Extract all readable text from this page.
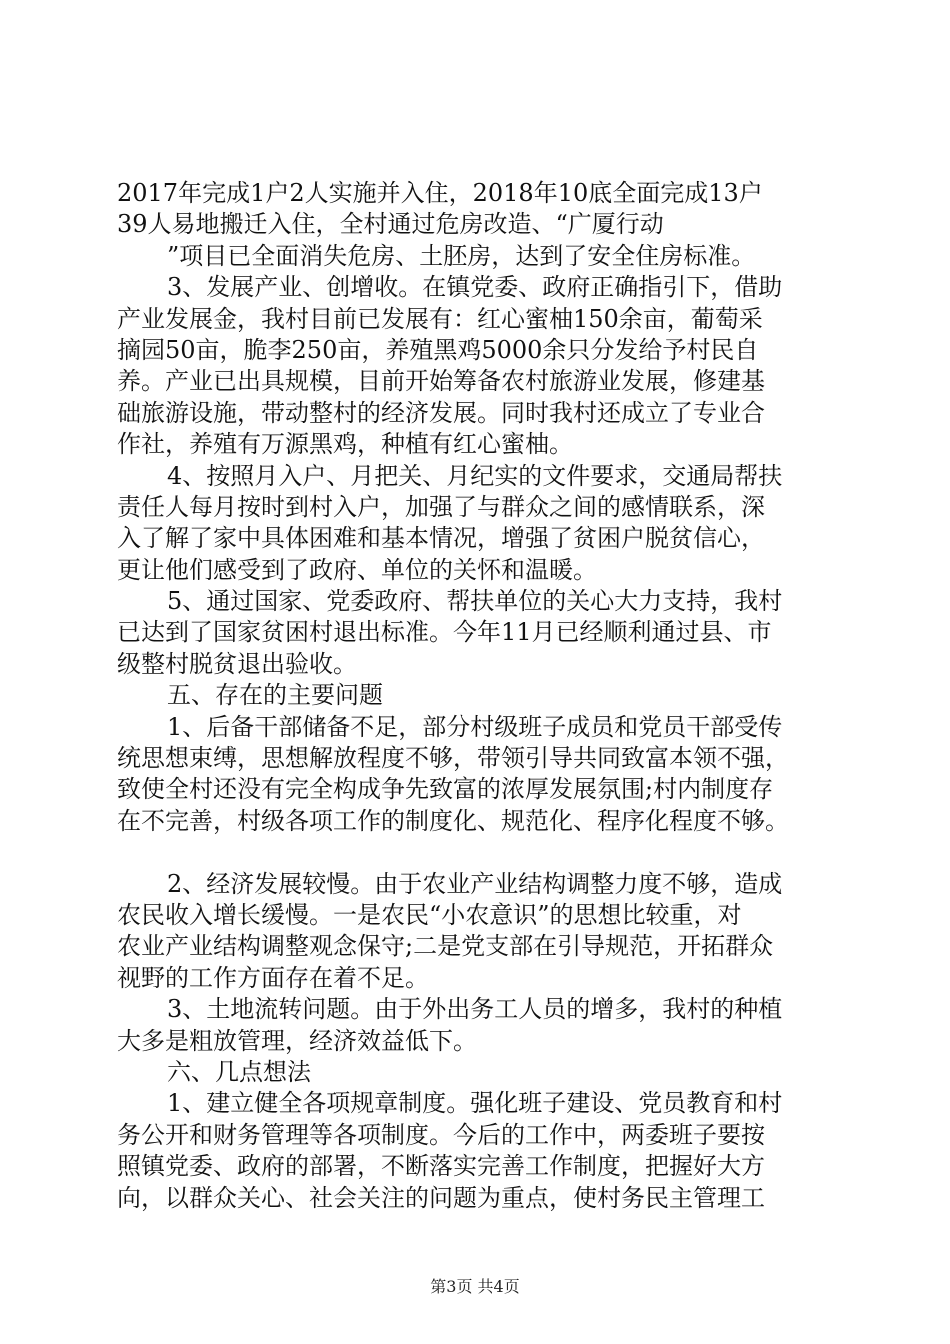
2017年完成1户2人实施并入住，2018年10底全面完成13户
39人易地搬迁入住，全村通过危房改造、“广厦行动
”项目已全面消失危房、土胚房，达到了安全住房标准。
3、发展产业、创增收。在镇党委、政府正确指引下，借助
产业发展金，我村目前已发展有：红心蜜柚150余亩，葡萄采
摘园50亩，脆李250亩，养殖黑鸡5000余只分发给予村民自
养。产业已出具规模，目前开始筹备农村旅游业发展，修建基
础旅游设施，带动整村的经济发展。同时我村还成立了专业合
作社，养殖有万源黑鸡，种植有红心蜜柚。
4、按照月入户、月把关、月纪实的文件要求，交通局帮扶
责任人每月按时到村入户，加强了与群众之间的感情联系，深
入了解了家中具体困难和基本情况，增强了贫困户脱贫信心，
更让他们感受到了政府、单位的关怀和温暖。
5、通过国家、党委政府、帮扶单位的关心大力支持，我村
已达到了国家贫困村退出标准。今年11月已经顺利通过县、市
级整村脱贫退出验收。
五、存在的主要问题
1、后备干部储备不足，部分村级班子成员和党员干部受传
统思想束缚，思想解放程度不够，带领引导共同致富本领不强，
致使全村还没有完全构成争先致富的浓厚发展氛围;村内制度存
在不完善，村级各项工作的制度化、规范化、程序化程度不够。
2、经济发展较慢。由于农业产业结构调整力度不够，造成
农民收入增长缓慢。一是农民“小农意识”的思想比较重，对
农业产业结构调整观念保守;二是党支部在引导规范，开拓群众
视野的工作方面存在着不足。
3、土地流转问题。由于外出务工人员的增多，我村的种植
大多是粗放管理，经济效益低下。
六、几点想法
1、建立健全各项规章制度。强化班子建设、党员教育和村
务公开和财务管理等各项制度。今后的工作中，两委班子要按
照镇党委、政府的部署，不断落实完善工作制度，把握好大方
向，以群众关心、社会关注的问题为重点，使村务民主管理工
第3页 共4页
